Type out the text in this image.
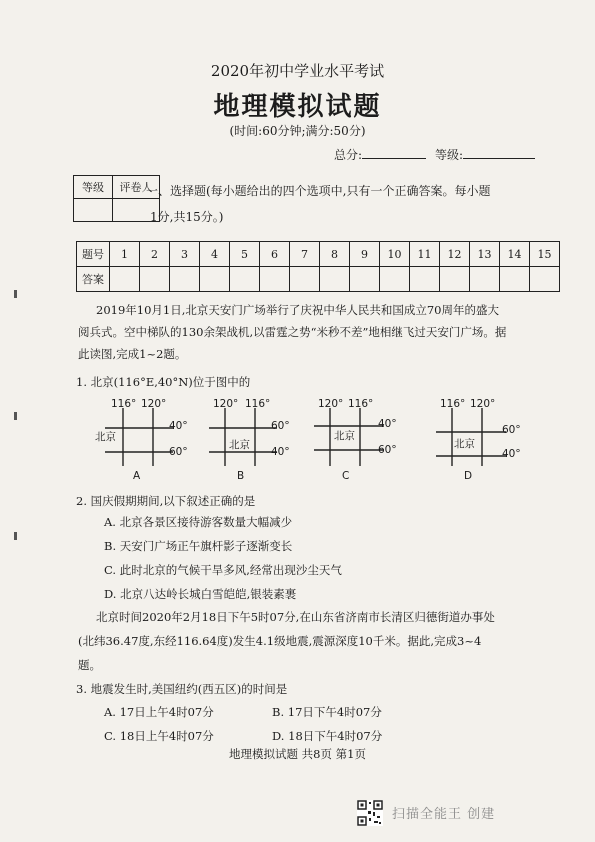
2020年初中学业水平考试
地理模拟试题
(时间:60分钟;满分:50分)
总分:	等级:
等级	评卷人

一、选择题(每小题给出的四个选项中,只有一个正确答案。每小题
1分,共15分。)
题号	1	2	3	4	5	6	7	8	9	10	11	12	13	14	15
答案															
2019年10月1日,北京天安门广场举行了庆祝中华人民共和国成立70周年的盛大
阅兵式。空中梯队的130余架战机,以雷霆之势“米秒不差”地相继飞过天安门广场。据
此读图,完成1~2题。
1. 北京(116°E,40°N)位于图中的
116° 120°
北京
40°
60°
A
120° 116°
北京
60°
40°
B
120° 116°
北京
40°
60°
C
116° 120°
北京
60°
40°
D
2. 国庆假期期间,以下叙述正确的是
A. 北京各景区接待游客数量大幅减少
B. 天安门广场正午旗杆影子逐渐变长
C. 此时北京的气候干旱多风,经常出现沙尘天气
D. 北京八达岭长城白雪皑皑,银装素裹
北京时间2020年2月18日下午5时07分,在山东省济南市长清区归德街道办事处
(北纬36.47度,东经116.64度)发生4.1级地震,震源深度10千米。据此,完成3~4
题。
3. 地震发生时,美国纽约(西五区)的时间是
A. 17日上午4时07分	B. 17日下午4时07分
C. 18日上午4时07分	D. 18日下午4时07分
地理模拟试题 共8页 第1页
扫描全能王 创建
